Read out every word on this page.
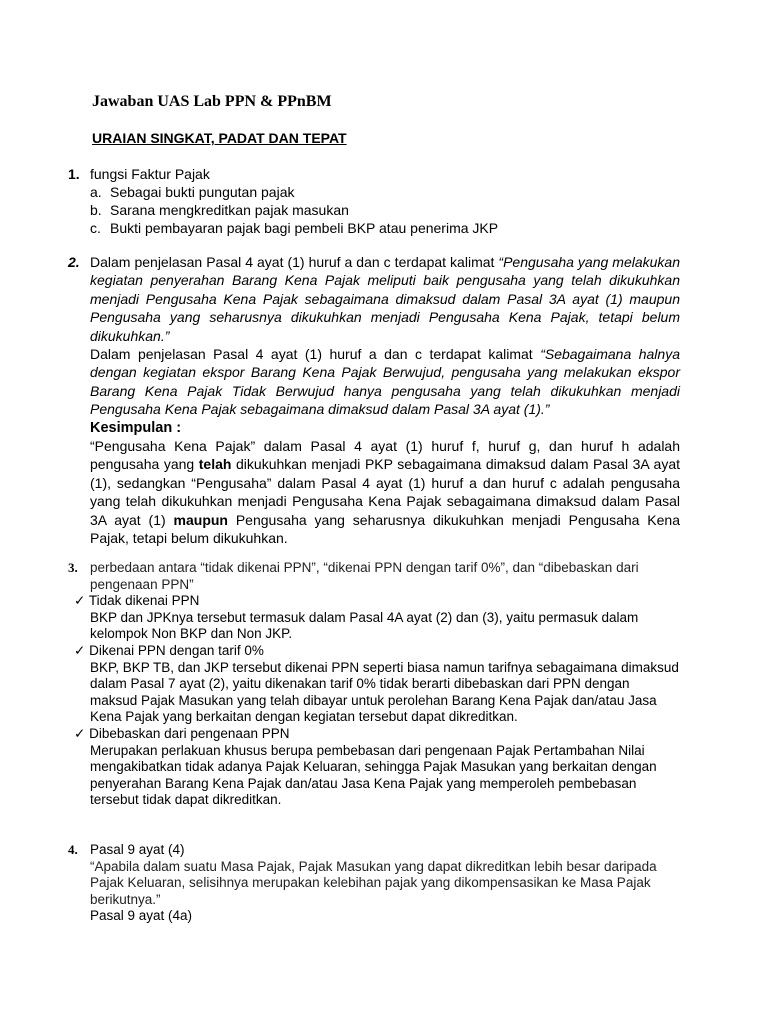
Jawaban UAS Lab PPN & PPnBM
URAIAN SINGKAT, PADAT DAN TEPAT
1. fungsi Faktur Pajak
a. Sebagai bukti pungutan pajak
b. Sarana mengkreditkan pajak masukan
c. Bukti pembayaran pajak bagi pembeli BKP atau penerima JKP
2. Dalam penjelasan Pasal 4 ayat (1) huruf a dan c terdapat kalimat “Pengusaha yang melakukan kegiatan penyerahan Barang Kena Pajak meliputi baik pengusaha yang telah dikukuhkan menjadi Pengusaha Kena Pajak sebagaimana dimaksud dalam Pasal 3A ayat (1) maupun Pengusaha yang seharusnya dikukuhkan menjadi Pengusaha Kena Pajak, tetapi belum dikukuhkan.”

Dalam penjelasan Pasal 4 ayat (1) huruf a dan c terdapat kalimat “Sebagaimana halnya dengan kegiatan ekspor Barang Kena Pajak Berwujud, pengusaha yang melakukan ekspor Barang Kena Pajak Tidak Berwujud hanya pengusaha yang telah dikukuhkan menjadi Pengusaha Kena Pajak sebagaimana dimaksud dalam Pasal 3A ayat (1).”

Kesimpulan :

“Pengusaha Kena Pajak” dalam Pasal 4 ayat (1) huruf f, huruf g, dan huruf h adalah pengusaha yang telah dikukuhkan menjadi PKP sebagaimana dimaksud dalam Pasal 3A ayat (1), sedangkan “Pengusaha” dalam Pasal 4 ayat (1) huruf a dan huruf c adalah pengusaha yang telah dikukuhkan menjadi Pengusaha Kena Pajak sebagaimana dimaksud dalam Pasal 3A ayat (1) maupun Pengusaha yang seharusnya dikukuhkan menjadi Pengusaha Kena Pajak, tetapi belum dikukuhkan.

3. perbedaan antara “tidak dikenai PPN”, “dikenai PPN dengan tarif 0%”, dan “dibebaskan dari pengenaan PPN”
✓ Tidak dikenai PPN
BKP dan JPKnya tersebut termasuk dalam Pasal 4A ayat (2) dan (3), yaitu permasuk dalam kelompok Non BKP dan Non JKP.
✓ Dikenai PPN dengan tarif 0%
BKP, BKP TB, dan JKP tersebut dikenai PPN seperti biasa namun tarifnya sebagaimana dimaksud dalam Pasal 7 ayat (2), yaitu dikenakan tarif 0% tidak berarti dibebaskan dari PPN dengan maksud Pajak Masukan yang telah dibayar untuk perolehan Barang Kena Pajak dan/atau Jasa Kena Pajak yang berkaitan dengan kegiatan tersebut dapat dikreditkan.
✓ Dibebaskan dari pengenaan PPN
Merupakan perlakuan khusus berupa pembebasan dari pengenaan Pajak Pertambahan Nilai mengakibatkan tidak adanya Pajak Keluaran, sehingga Pajak Masukan yang berkaitan dengan penyerahan Barang Kena Pajak dan/atau Jasa Kena Pajak yang memperoleh pembebasan tersebut tidak dapat dikreditkan.
4. Pasal 9 ayat (4)
“Apabila dalam suatu Masa Pajak, Pajak Masukan yang dapat dikreditkan lebih besar daripada Pajak Keluaran, selisihnya merupakan kelebihan pajak yang dikompensasikan ke Masa Pajak berikutnya.”
Pasal 9 ayat (4a)
